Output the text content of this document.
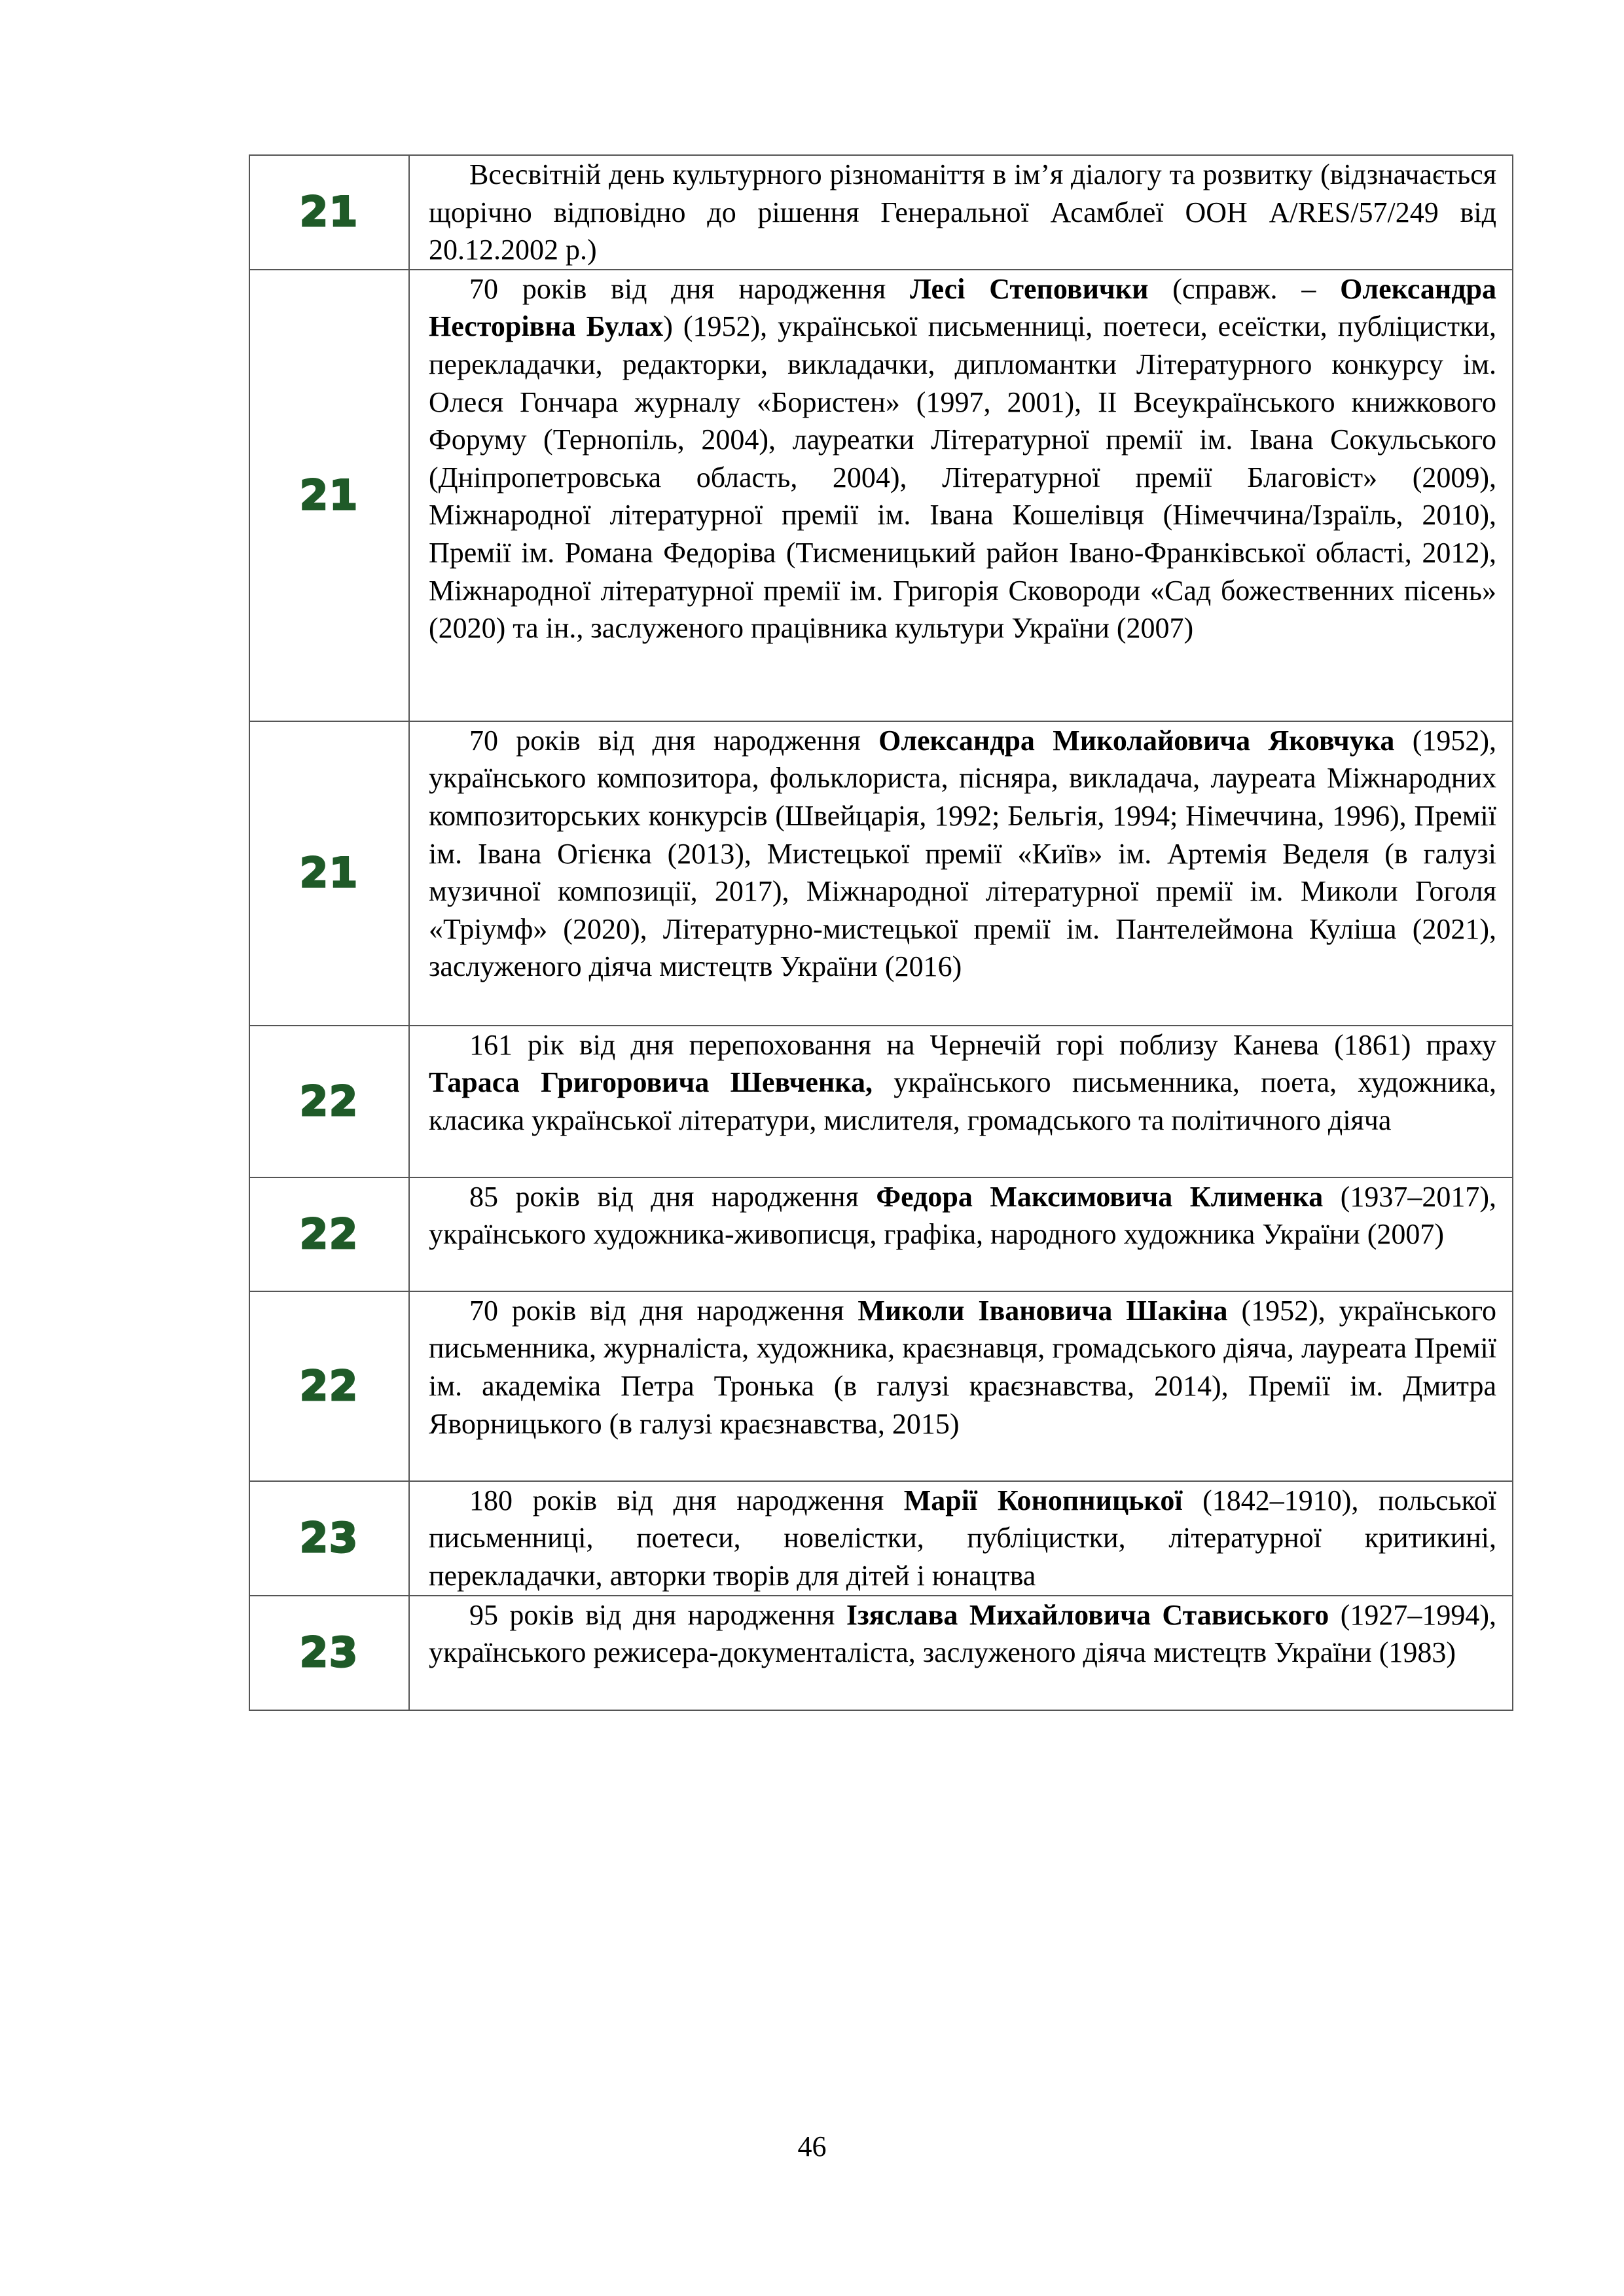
21	Всесвітній день культурного різноманіття в ім’я діалогу та розвитку (відзначається щорічно відповідно до рішення Генеральної Асамблеї ООН A/RES/57/249 від 20.12.2002 р.)
21	70 років від дня народження Лесі Степовички (справж. – Олександра Несторівна Булах) (1952), української письменниці, поетеси, есеїстки, публіцистки, перекладачки, редакторки, викладачки, дипломантки Літературного конкурсу ім. Олеся Гончара журналу «Бористен» (1997, 2001), ІІ Всеукраїнського книжкового Форуму (Тернопіль, 2004), лауреатки Літературної премії ім. Івана Сокульського (Дніпропетровська область, 2004), Літературної премії Благовіст» (2009), Міжнародної літературної премії ім. Івана Кошелівця (Німеччина/Ізраїль, 2010), Премії ім. Романа Федоріва (Тисменицький район Івано-Франківської області, 2012), Міжнародної літературної премії ім. Григорія Сковороди «Сад божественних пісень» (2020) та ін., заслуженого працівника культури України (2007)
21	70 років від дня народження Олександра Миколайовича Яковчука (1952), українського композитора, фольклориста, пісняра, викладача, лауреата Міжнародних композиторських конкурсів (Швейцарія, 1992; Бельгія, 1994; Німеччина, 1996), Премії ім. Івана Огієнка (2013), Мистецької премії «Київ» ім. Артемія Веделя (в галузі музичної композиції, 2017), Міжнародної літературної премії ім. Миколи Гоголя «Тріумф» (2020), Літературно-мистецької премії ім. Пантелеймона Куліша (2021), заслуженого діяча мистецтв України (2016)
22	161 рік від дня перепоховання на Чернечій горі поблизу Канева (1861) праху Тараса Григоровича Шевченка, українського письменника, поета, художника, класика української літератури, мислителя, громадського та політичного діяча
22	85 років від дня народження Федора Максимовича Клименка (1937–2017), українського художника-живописця, графіка, народного художника України (2007)
22	70 років від дня народження Миколи Івановича Шакіна (1952), українського письменника, журналіста, художника, краєзнавця, громадського діяча, лауреата Премії ім. академіка Петра Тронька (в галузі краєзнавства, 2014), Премії ім. Дмитра Яворницького (в галузі краєзнавства, 2015)
23	180 років від дня народження Марії Конопницької (1842–1910), польської письменниці, поетеси, новелістки, публіцистки, літературної критикині, перекладачки, авторки творів для дітей і юнацтва
23	95 років від дня народження Ізяслава Михайловича Стависького (1927–1994), українського режисера-документаліста, заслуженого діяча мистецтв України (1983)
46
